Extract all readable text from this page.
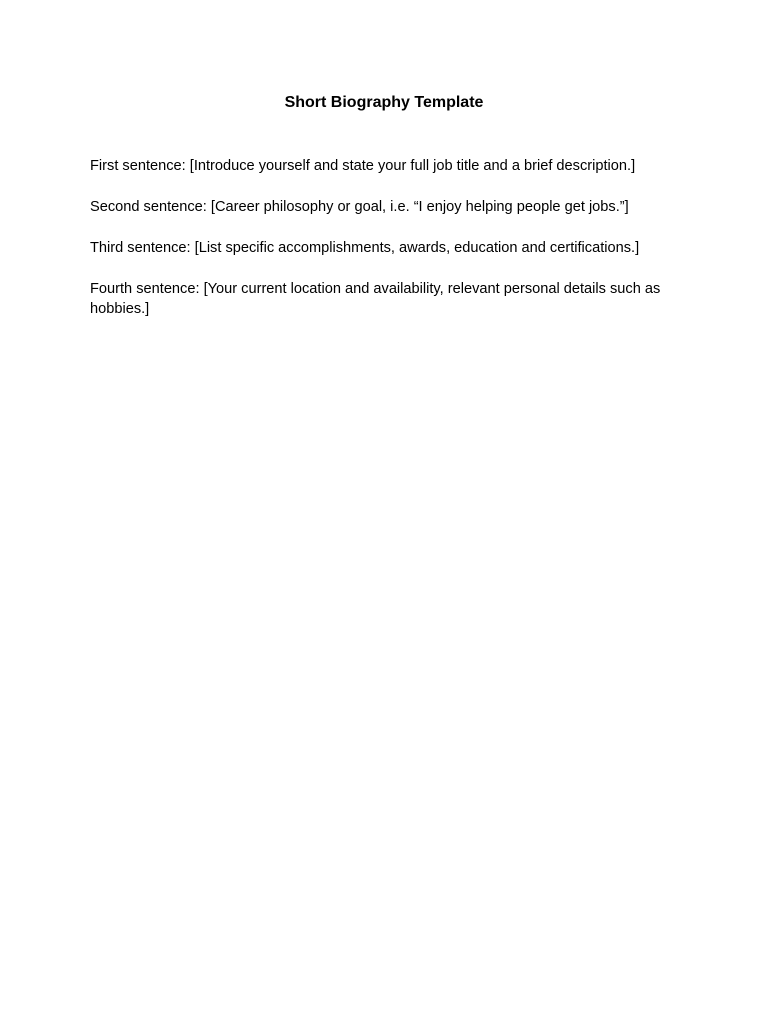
Short Biography Template

First sentence: [Introduce yourself and state your full job title and a brief description.]

Second sentence: [Career philosophy or goal, i.e. “I enjoy helping people get jobs.”]

Third sentence: [List specific accomplishments, awards, education and certifications.]

Fourth sentence: [Your current location and availability, relevant personal details such as hobbies.]
